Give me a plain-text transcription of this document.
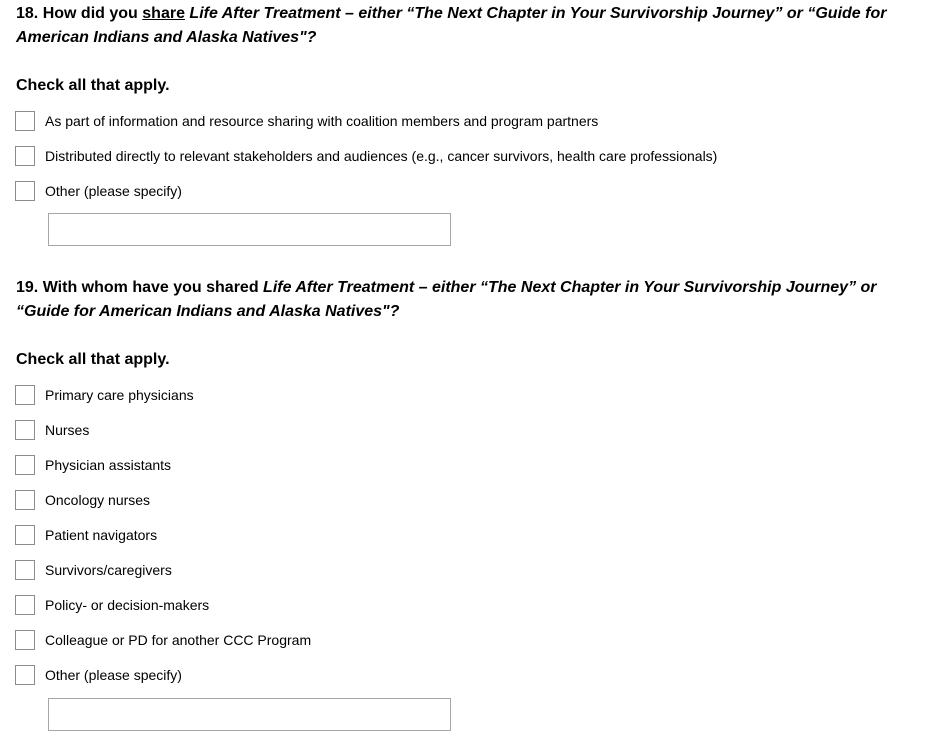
18. How did you share Life After Treatment – either “The Next Chapter in Your Survivorship Journey” or “Guide for
American Indians and Alaska Natives"?
Check all that apply.
As part of information and resource sharing with coalition members and program partners
Distributed directly to relevant stakeholders and audiences (e.g., cancer survivors, health care professionals)
Other (please specify)
19. With whom have you shared Life After Treatment – either “The Next Chapter in Your Survivorship Journey” or
“Guide for American Indians and Alaska Natives"?
Check all that apply.
Primary care physicians
Nurses
Physician assistants
Oncology nurses
Patient navigators
Survivors/caregivers
Policy- or decision-makers
Colleague or PD for another CCC Program
Other (please specify)
